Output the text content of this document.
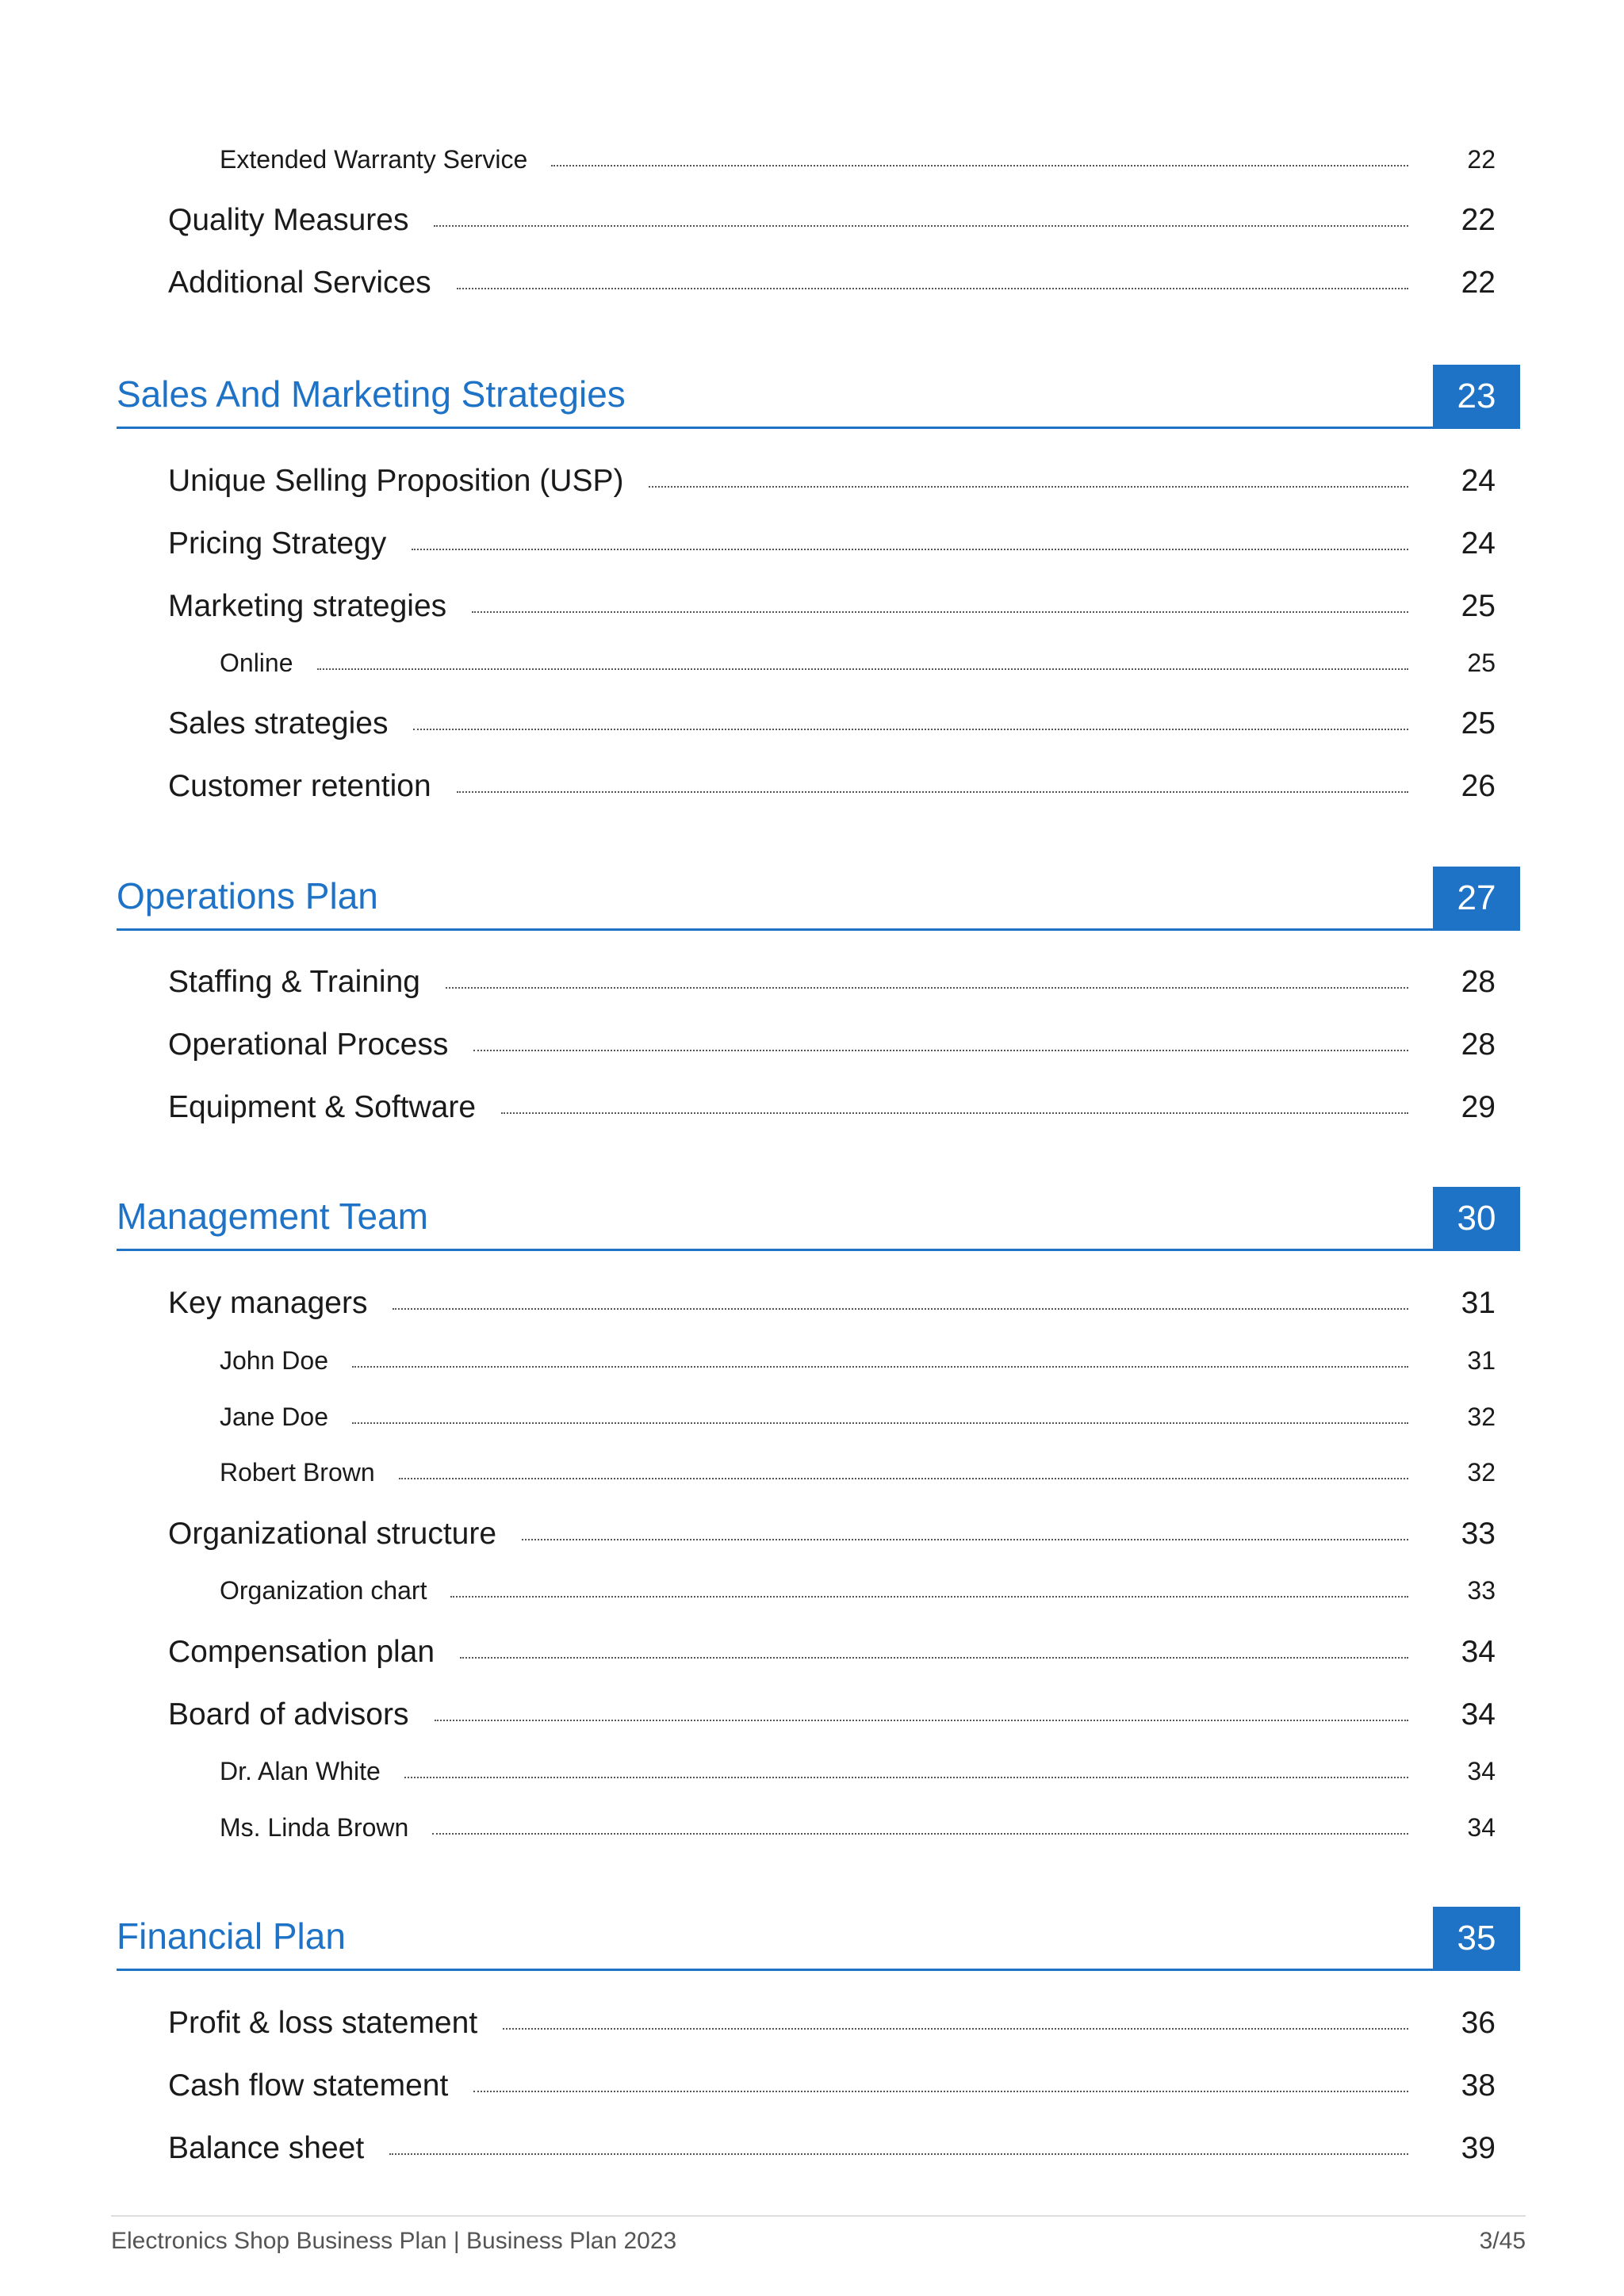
Extended Warranty Service	22
Quality Measures	22
Additional Services	22
Sales And Marketing Strategies	23
Unique Selling Proposition (USP)	24
Pricing Strategy	24
Marketing strategies	25
Online	25
Sales strategies	25
Customer retention	26
Operations Plan	27
Staffing & Training	28
Operational Process	28
Equipment & Software	29
Management Team	30
Key managers	31
John Doe	31
Jane Doe	32
Robert Brown	32
Organizational structure	33
Organization chart	33
Compensation plan	34
Board of advisors	34
Dr. Alan White	34
Ms. Linda Brown	34
Financial Plan	35
Profit & loss statement	36
Cash flow statement	38
Balance sheet	39
Electronics Shop Business Plan | Business Plan 2023	3/45
